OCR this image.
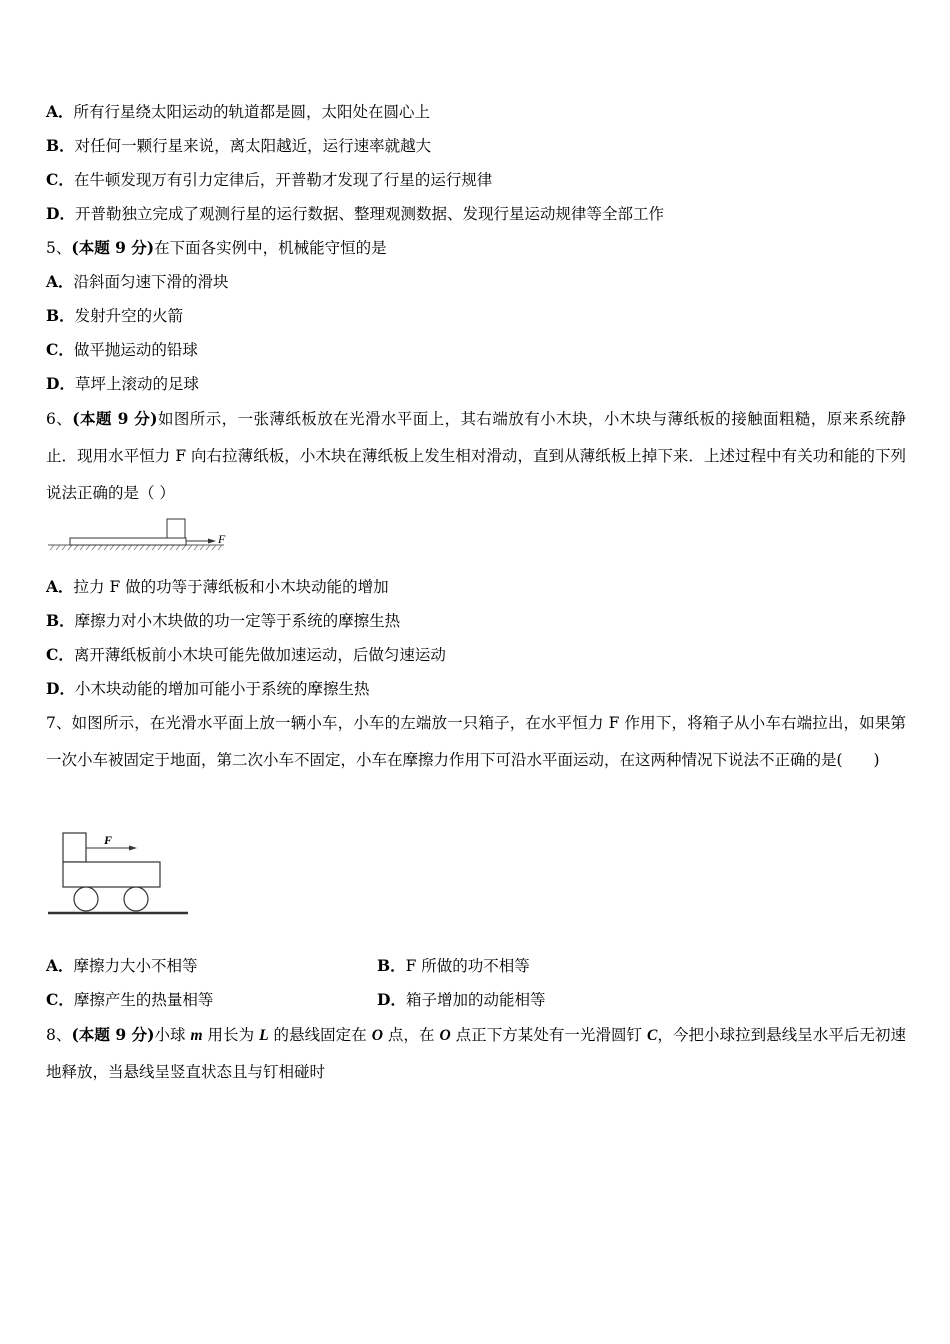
A．所有行星绕太阳运动的轨道都是圆，太阳处在圆心上
B．对任何一颗行星来说，离太阳越近，运行速率就越大
C．在牛顿发现万有引力定律后，开普勒才发现了行星的运行规律
D．开普勒独立完成了观测行星的运行数据、整理观测数据、发现行星运动规律等全部工作
5、(本题 9 分)在下面各实例中，机械能守恒的是
A．沿斜面匀速下滑的滑块
B．发射升空的火箭
C．做平抛运动的铅球
D．草坪上滚动的足球
6、(本题 9 分)如图所示，一张薄纸板放在光滑水平面上，其右端放有小木块，小木块与薄纸板的接触面粗糙，原来系统静止．现用水平恒力 F 向右拉薄纸板，小木块在薄纸板上发生相对滑动，直到从薄纸板上掉下来．上述过程中有关功和能的下列说法正确的是（ ）
F
A．拉力 F 做的功等于薄纸板和小木块动能的增加
B．摩擦力对小木块做的功一定等于系统的摩擦生热
C．离开薄纸板前小木块可能先做加速运动，后做匀速运动
D．小木块动能的增加可能小于系统的摩擦生热
7、如图所示，在光滑水平面上放一辆小车，小车的左端放一只箱子，在水平恒力 F 作用下，将箱子从小车右端拉出，如果第一次小车被固定于地面，第二次小车不固定，小车在摩擦力作用下可沿水平面运动，在这两种情况下说法不正确的是(　　)
F
A．摩擦力大小不相等	B．F 所做的功不相等
C．摩擦产生的热量相等	D．箱子增加的动能相等
8、(本题 9 分)小球 m 用长为 L 的悬线固定在 O 点，在 O 点正下方某处有一光滑圆钉 C，今把小球拉到悬线呈水平后无初速地释放，当悬线呈竖直状态且与钉相碰时
